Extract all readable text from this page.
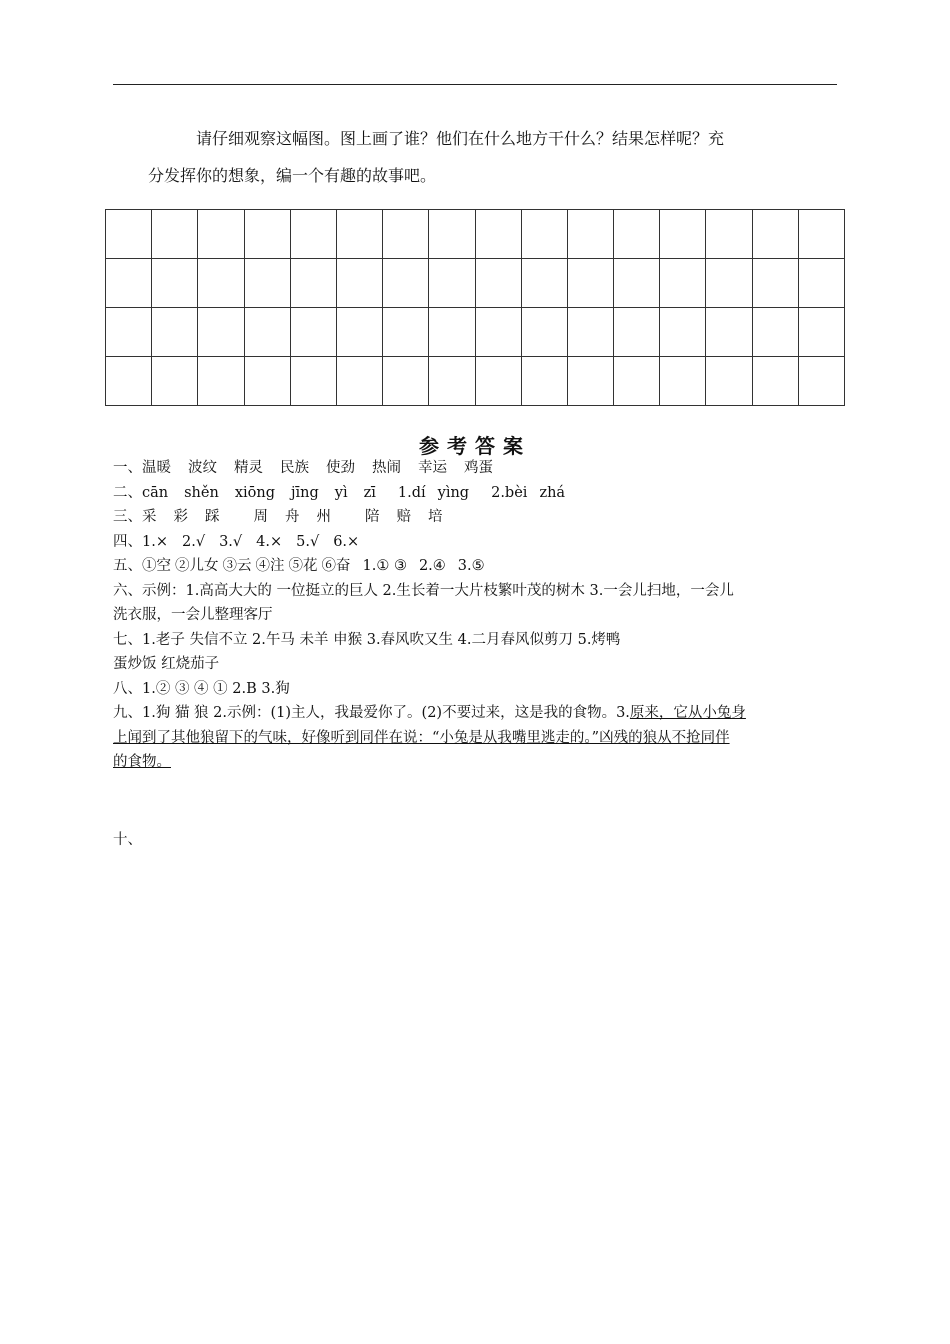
请仔细观察这幅图。图上画了谁？他们在什么地方干什么？结果怎样呢？充
分发挥你的想象，编一个有趣的故事吧。

参考答案
一、温暖 波纹 精灵 民族 使劲 热闹 幸运 鸡蛋
二、cān shěn xiōng jīng yì zī 1.dí yìng 2.bèi zhá
三、采 彩 踩 周 舟 州 陪 赔 培
四、1.× 2.√ 3.√ 4.× 5.√ 6.×
五、①空 ②儿女 ③云 ④注 ⑤花 ⑥奋 1.① ③ 2.④ 3.⑤
六、示例：1.高高大大的 一位挺立的巨人 2.生长着一大片枝繁叶茂的树木 3.一会儿扫地，一会儿
洗衣服，一会儿整理客厅
七、1.老子 失信不立 2.午马 未羊 申猴 3.春风吹又生 4.二月春风似剪刀 5.烤鸭
蛋炒饭 红烧茄子
八、1.② ③ ④ ① 2.B 3.狗
九、1.狗 猫 狼 2.示例：(1)主人，我最爱你了。(2)不要过来，这是我的食物。3.原来，它从小兔身
上闻到了其他狼留下的气味，好像听到同伴在说：“小兔是从我嘴里逃走的。”凶残的狼从不抢同伴
的食物。
十、
